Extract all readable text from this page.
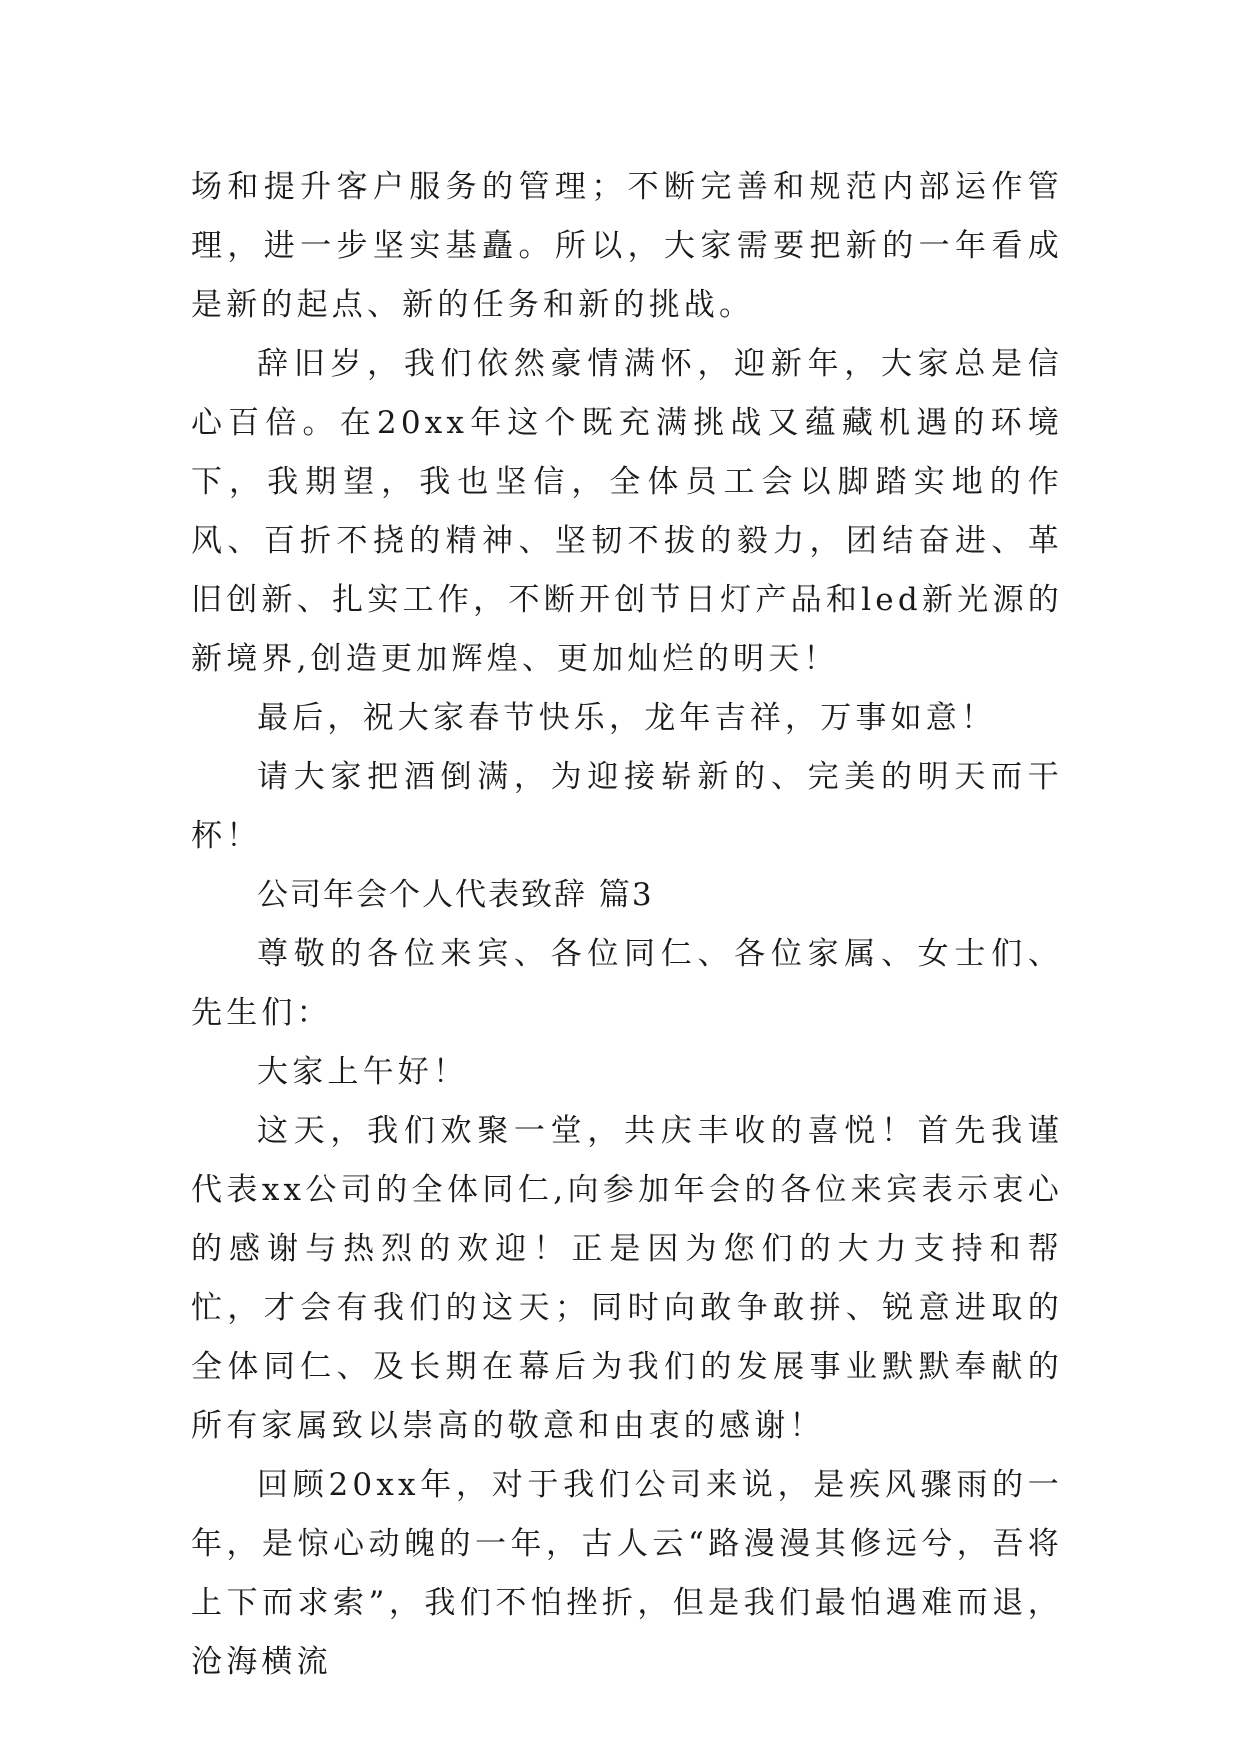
场和提升客户服务的管理；不断完善和规范内部运作管理，进一步坚实基矗。所以，大家需要把新的一年看成是新的起点、新的任务和新的挑战。

辞旧岁，我们依然豪情满怀，迎新年，大家总是信心百倍。在20xx年这个既充满挑战又蕴藏机遇的环境下，我期望，我也坚信，全体员工会以脚踏实地的作风、百折不挠的精神、坚韧不拔的毅力，团结奋进、革旧创新、扎实工作，不断开创节日灯产品和led新光源的新境界,创造更加辉煌、更加灿烂的明天！

最后，祝大家春节快乐，龙年吉祥，万事如意！

请大家把酒倒满，为迎接崭新的、完美的明天而干杯！

公司年会个人代表致辞 篇3

尊敬的各位来宾、各位同仁、各位家属、女士们、先生们：

大家上午好！

这天，我们欢聚一堂，共庆丰收的喜悦！首先我谨代表xx公司的全体同仁,向参加年会的各位来宾表示衷心的感谢与热烈的欢迎！正是因为您们的大力支持和帮忙，才会有我们的这天；同时向敢争敢拼、锐意进取的全体同仁、及长期在幕后为我们的发展事业默默奉献的所有家属致以崇高的敬意和由衷的感谢！

回顾20xx年，对于我们公司来说，是疾风骤雨的一年，是惊心动魄的一年，古人云“路漫漫其修远兮，吾将上下而求索”，我们不怕挫折，但是我们最怕遇难而退，沧海横流
